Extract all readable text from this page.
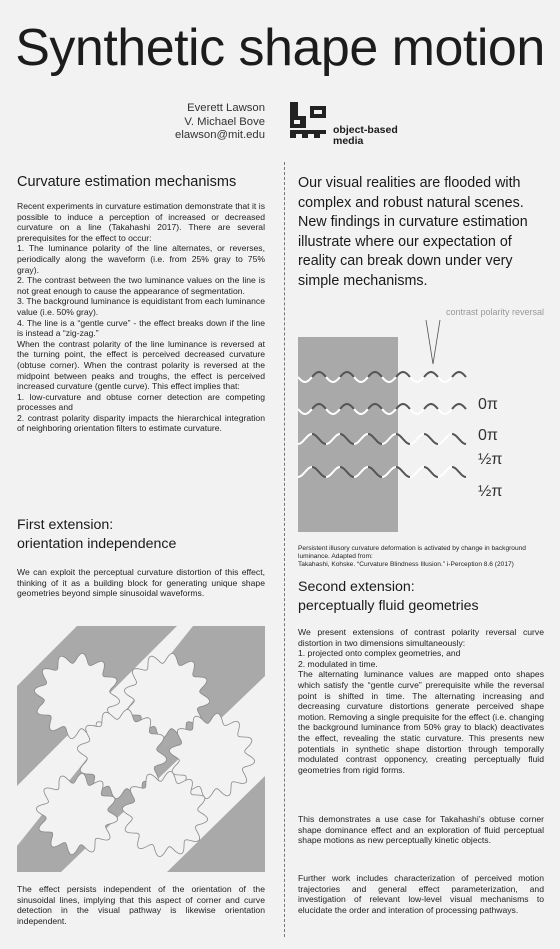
Synthetic shape motion
Everett Lawson
V. Michael Bove
elawson@mit.edu	object-based
media
Curvature estimation mechanisms
Recent experiments in curvature estimation demonstrate that it is possible to induce a perception of increased or decreased curvature on a line (Takahashi 2017). There are several prerequisites for the effect to occur:
1. The luminance polarity of the line alternates, or reverses, periodically along the waveform (i.e. from 25% gray to 75% gray).
2. The contrast between the two luminance values on the line is not great enough to cause the appearance of segmentation.
3. The background luminance is equidistant from each luminance value (i.e. 50% gray).
4. The line is a “gentle curve” - the effect breaks down if the line is instead a “zig-zag.”
When the contrast polarity of the line luminance is reversed at the turning point, the effect is perceived decreased curvature (obtuse corner). When the contrast polarity is reversed at the midpoint between peaks and troughs, the effect is perceived increased curvature (gentle curve). This effect implies that:
1. low-curvature and obtuse corner detection are competing processes and
2. contrast polarity disparity impacts the hierarchical integration of neighboring orientation filters to estimate curvature.
First extension:
orientation independence
We can exploit the perceptual curvature distortion of this effect, thinking of it as a building block for generating unique shape geometries beyond simple sinusoidal waveforms.
The effect persists independent of the orientation of the sinusoidal lines, implying that this aspect of corner and curve detection in the visual pathway is likewise orientation independent.
Our visual realities are flooded with complex and robust natural scenes. New findings in curvature estimation illustrate where our expectation of reality can break down under very simple mechanisms.
contrast polarity reversal
0π
0π
½π
½π
Persistent illusory curvature deformation is activated by change in background luminance. Adapted from:
Takahashi, Kohske. “Curvature Blindness Illusion.” i-Perception 8.6 (2017)
Second extension:
perceptually fluid geometries
We present extensions of contrast polarity reversal curve distortion in two dimensions simultaneously:
1. projected onto complex geometries, and
2. modulated in time.
The alternating luminance values are mapped onto shapes which satisfy the “gentle curve” prerequisite while the reversal point is shifted in time. The alternating increasing and decreasing curvature distortions generate perceived shape motion. Removing a single prequisite for the effect (i.e. changing the background luminance from 50% gray to black) deactivates the effect, revealing the static curvature. This presents new potentials in synthetic shape distortion through temporally modulated contrast opponency, creating perceptually fluid geometries from rigid forms.
This demonstrates a use case for Takahashi’s obtuse corner shape dominance effect and an exploration of fluid perceptual shape motions as new perceptually kinetic objects.
Further work includes characterization of perceived motion trajectories and general effect parameterization, and investigation of relevant low-level visual mechanisms to elucidate the order and interation of processing pathways.
